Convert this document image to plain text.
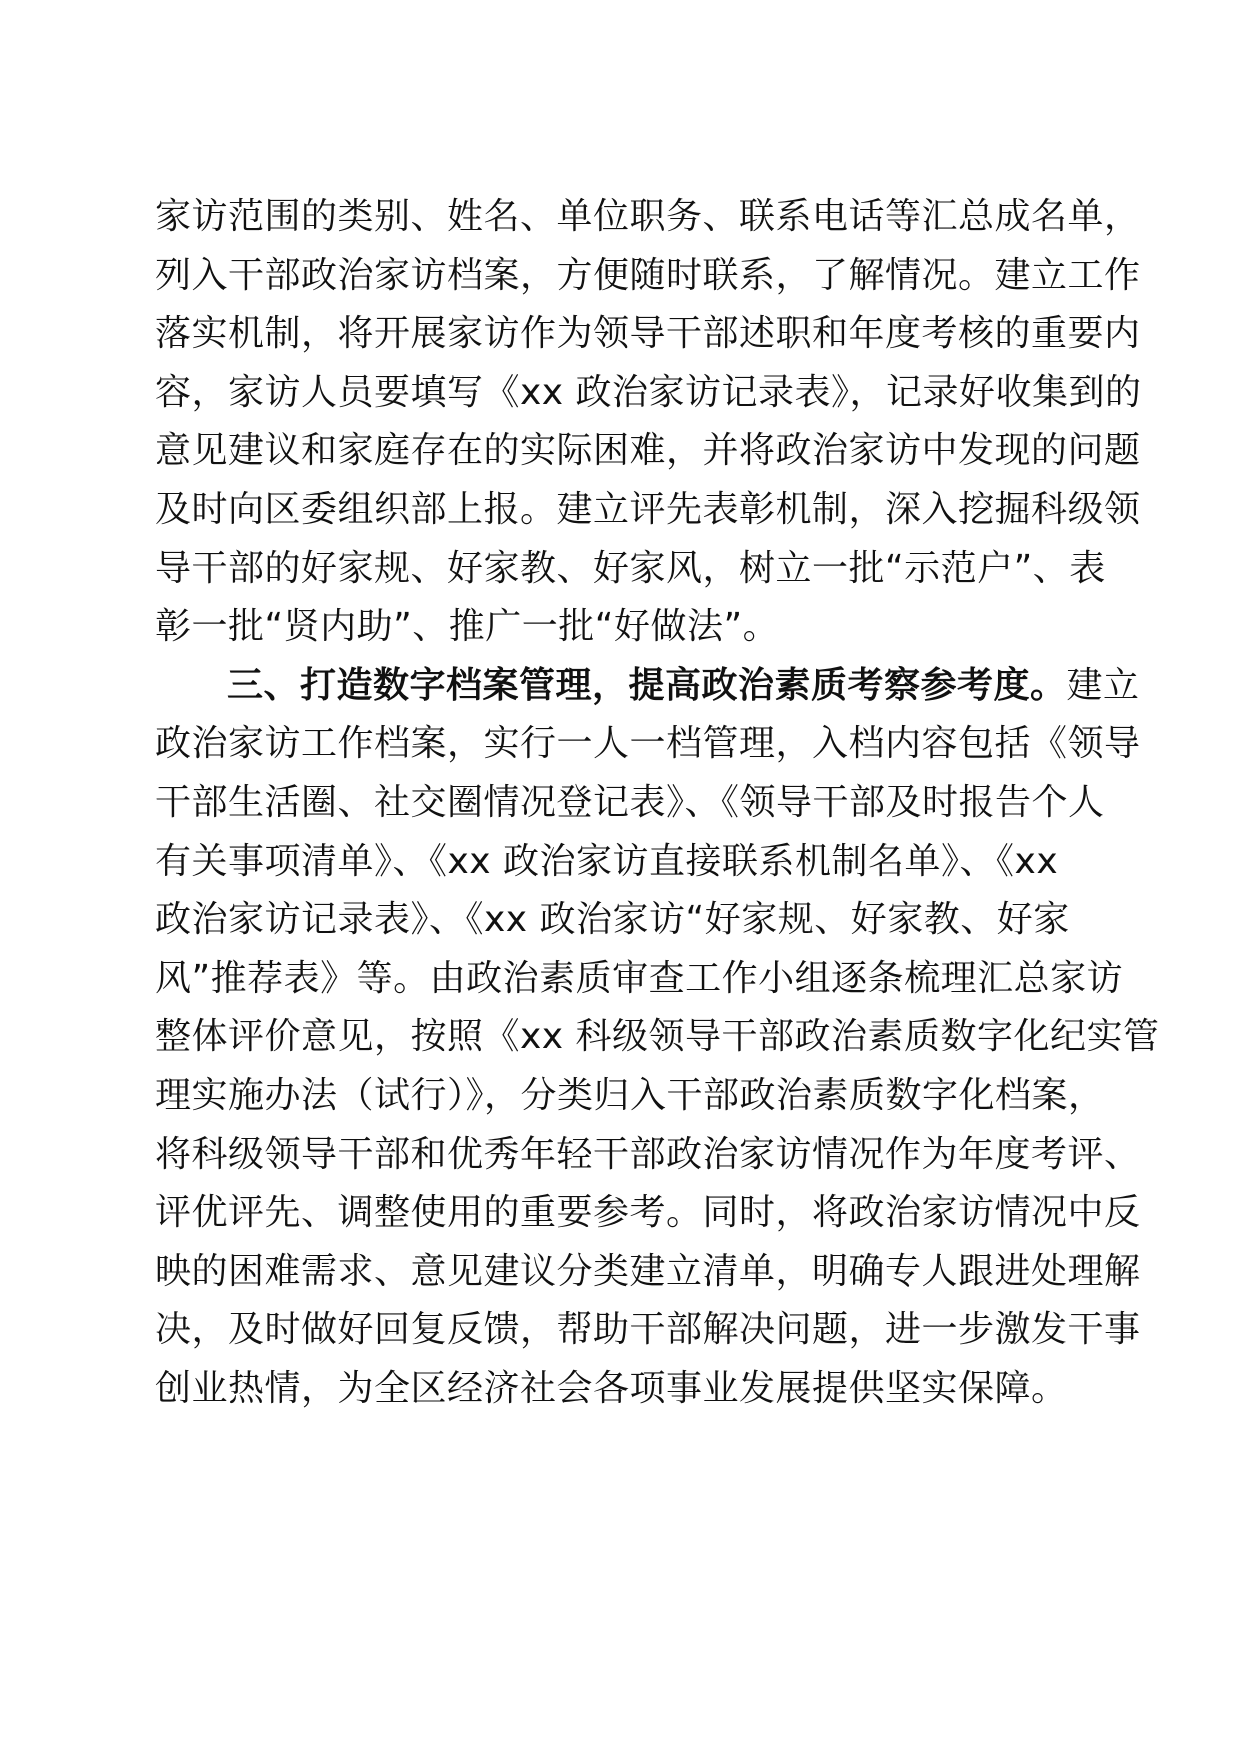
家访范围的类别、姓名、单位职务、联系电话等汇总成名单，
列入干部政治家访档案，方便随时联系，了解情况。建立工作
落实机制，将开展家访作为领导干部述职和年度考核的重要内
容，家访人员要填写《xx 政治家访记录表》，记录好收集到的
意见建议和家庭存在的实际困难，并将政治家访中发现的问题
及时向区委组织部上报。建立评先表彰机制，深入挖掘科级领
导干部的好家规、好家教、好家风，树立一批“示范户”、表
彰一批“贤内助”、推广一批“好做法”。
三、打造数字档案管理，提高政治素质考察参考度。建立
政治家访工作档案，实行一人一档管理，入档内容包括《领导
干部生活圈、社交圈情况登记表》、《领导干部及时报告个人
有关事项清单》、《xx 政治家访直接联系机制名单》、《xx
政治家访记录表》、《xx 政治家访“好家规、好家教、好家
风”推荐表》等。由政治素质审查工作小组逐条梳理汇总家访
整体评价意见，按照《xx 科级领导干部政治素质数字化纪实管
理实施办法（试行）》，分类归入干部政治素质数字化档案，
将科级领导干部和优秀年轻干部政治家访情况作为年度考评、
评优评先、调整使用的重要参考。同时，将政治家访情况中反
映的困难需求、意见建议分类建立清单，明确专人跟进处理解
决，及时做好回复反馈，帮助干部解决问题，进一步激发干事
创业热情，为全区经济社会各项事业发展提供坚实保障。
